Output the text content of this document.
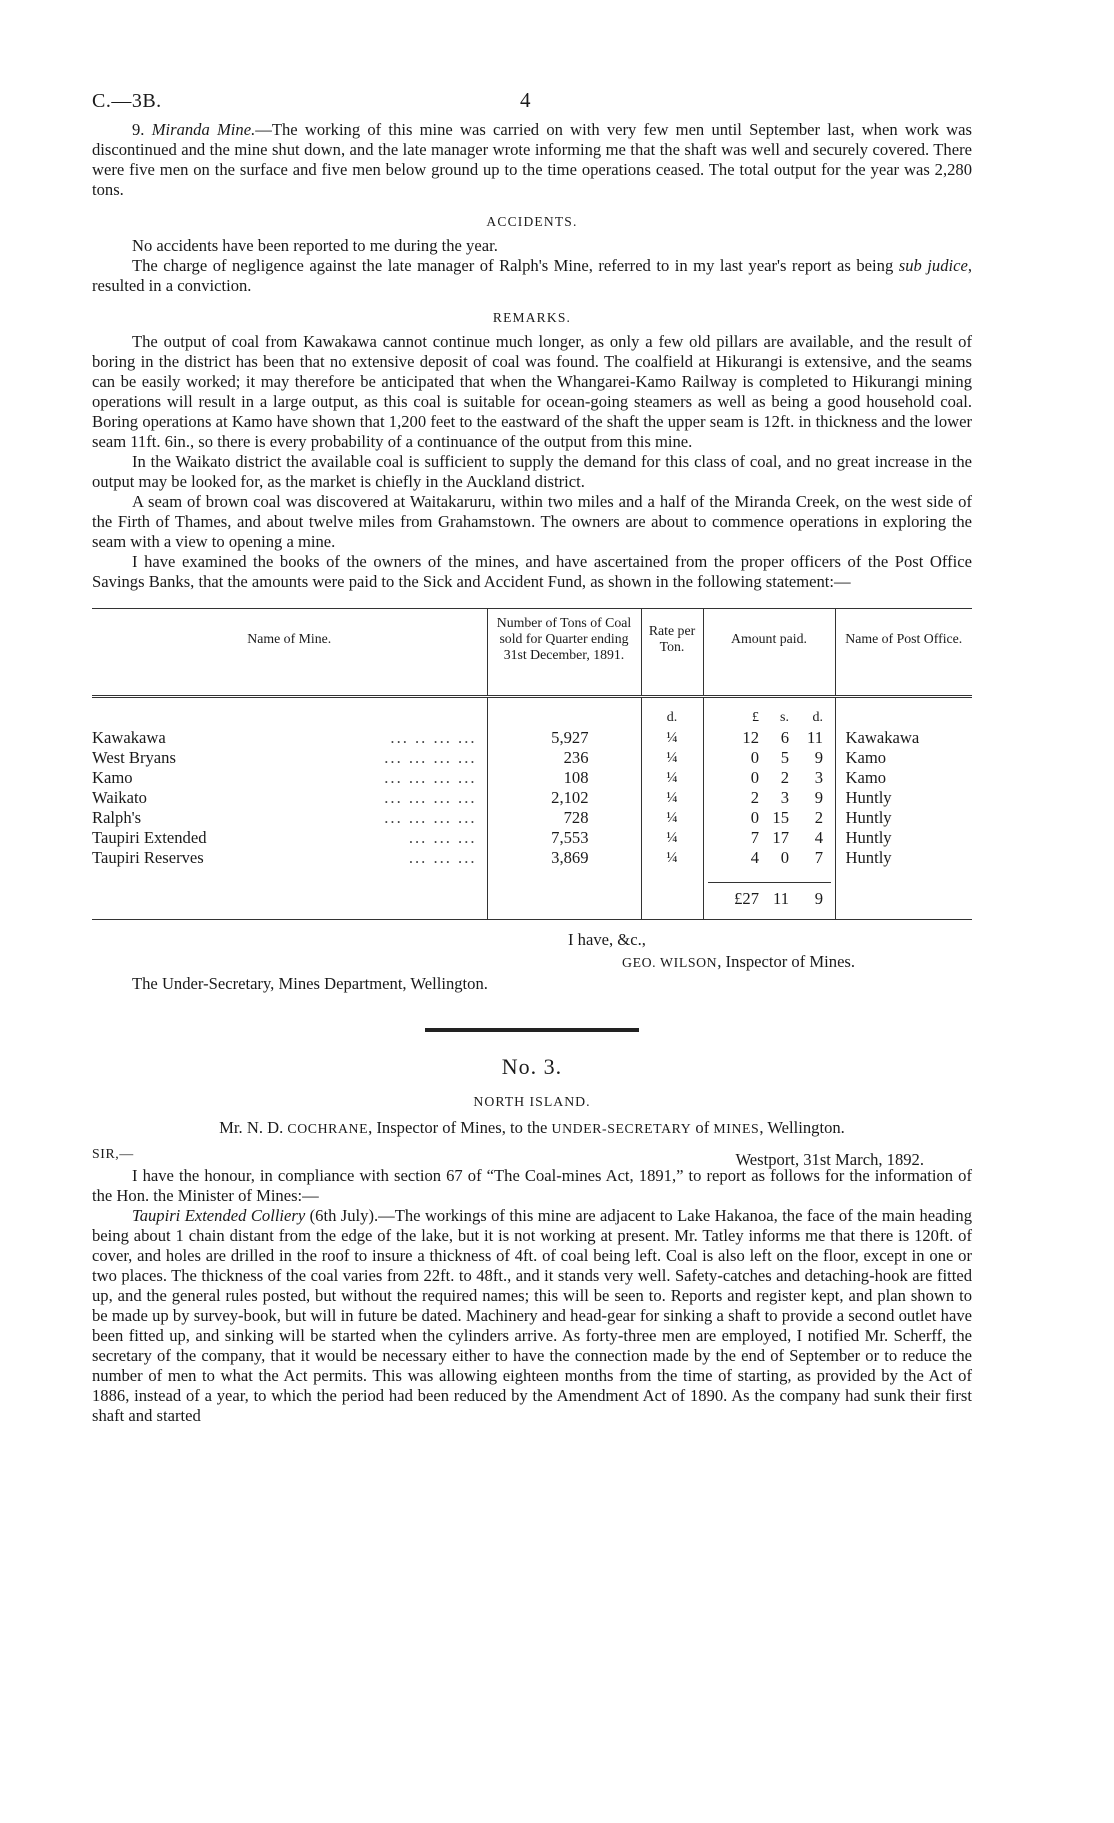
C.—3B.	4

9. Miranda Mine.—The working of this mine was carried on with very few men until September last, when work was discontinued and the mine shut down, and the late manager wrote informing me that the shaft was well and securely covered. There were five men on the surface and five men below ground up to the time operations ceased. The total output for the year was 2,280 tons.

ACCIDENTS.

No accidents have been reported to me during the year.

The charge of negligence against the late manager of Ralph's Mine, referred to in my last year's report as being sub judice, resulted in a conviction.

REMARKS.

The output of coal from Kawakawa cannot continue much longer, as only a few old pillars are available, and the result of boring in the district has been that no extensive deposit of coal was found. The coalfield at Hikurangi is extensive, and the seams can be easily worked; it may therefore be anticipated that when the Whangarei-Kamo Railway is completed to Hikurangi mining operations will result in a large output, as this coal is suitable for ocean-going steamers as well as being a good household coal. Boring operations at Kamo have shown that 1,200 feet to the eastward of the shaft the upper seam is 12ft. in thickness and the lower seam 11ft. 6in., so there is every probability of a continuance of the output from this mine.

In the Waikato district the available coal is sufficient to supply the demand for this class of coal, and no great increase in the output may be looked for, as the market is chiefly in the Auckland district.

A seam of brown coal was discovered at Waitakaruru, within two miles and a half of the Miranda Creek, on the west side of the Firth of Thames, and about twelve miles from Grahamstown. The owners are about to commence operations in exploring the seam with a view to opening a mine.

I have examined the books of the owners of the mines, and have ascertained from the proper officers of the Post Office Savings Banks, that the amounts were paid to the Sick and Accident Fund, as shown in the following statement:—

Name of Mine.	Number of Tons of Coal sold for Quarter ending 31st December, 1891.	Rate per Ton.	Amount paid.	Name of Post Office.

		d.	£ s. d.	

Kawakawa ... .. ... ...	5,927	¼	12 6 11	Kawakawa

West Bryans ... ... ... ...	236	¼	0 5 9	Kamo

Kamo ... ... ... ...	108	¼	0 2 3	Kamo

Waikato ... ... ... ...	2,102	¼	2 3 9	Huntly

Ralph's ... ... ... ...	728	¼	0 15 2	Huntly

Taupiri Extended ... ... ...	7,553	¼	7 17 4	Huntly

Taupiri Reserves ... ... ...	3,869	¼	4 0 7	Huntly

			£27 11 9	

I have, &c.,
GEO. WILSON, Inspector of Mines.
The Under-Secretary, Mines Department, Wellington.
No. 3.
NORTH ISLAND.
Mr. N. D. COCHRANE, Inspector of Mines, to the UNDER-SECRETARY of MINES, Wellington.
SIR,—	Westport, 31st March, 1892.

I have the honour, in compliance with section 67 of “The Coal-mines Act, 1891,” to report as follows for the information of the Hon. the Minister of Mines:—

Taupiri Extended Colliery (6th July).—The workings of this mine are adjacent to Lake Hakanoa, the face of the main heading being about 1 chain distant from the edge of the lake, but it is not working at present. Mr. Tatley informs me that there is 120ft. of cover, and holes are drilled in the roof to insure a thickness of 4ft. of coal being left. Coal is also left on the floor, except in one or two places. The thickness of the coal varies from 22ft. to 48ft., and it stands very well. Safety-catches and detaching-hook are fitted up, and the general rules posted, but without the required names; this will be seen to. Reports and register kept, and plan shown to be made up by survey-book, but will in future be dated. Machinery and head-gear for sinking a shaft to provide a second outlet have been fitted up, and sinking will be started when the cylinders arrive. As forty-three men are employed, I notified Mr. Scherff, the secretary of the company, that it would be necessary either to have the connection made by the end of September or to reduce the number of men to what the Act permits. This was allowing eighteen months from the time of starting, as provided by the Act of 1886, instead of a year, to which the period had been reduced by the Amendment Act of 1890. As the company had sunk their first shaft and started
